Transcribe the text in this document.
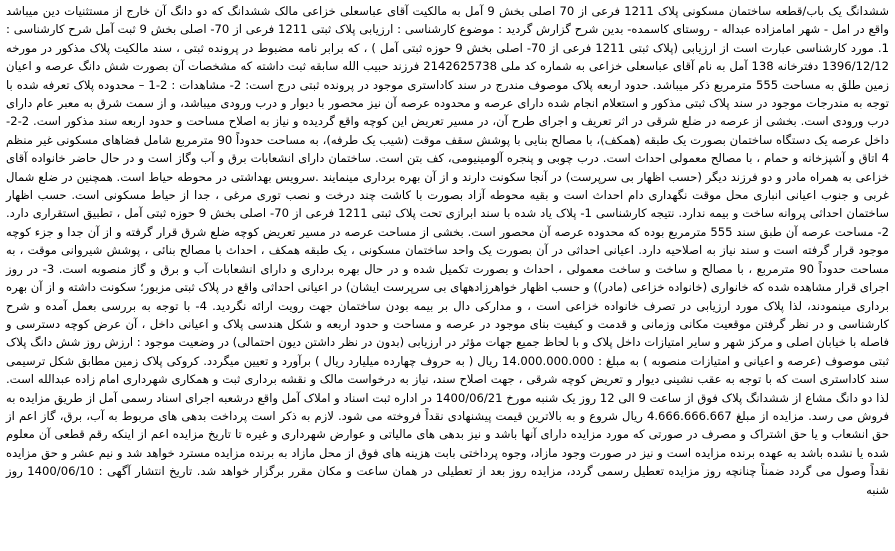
ششدانگ یک باب/قطعه ساختمان مسکونی پلاک 1211 فرعی از 70 اصلی بخش 9 آمل به مالکیت آقای عباسعلی خزاعی مالک ششدانگ که دو دانگ آن خارج از مستثنیات دین میباشد واقع در امل - شهر امامزاده عبداله - روستای کاسمده- بدین شرح گزارش گردید : موضوع کارشناسی : ارزیابی پلاک ثبتی 1211 فرعی از 70- اصلی بخش 9 ثبت آمل شرح کارشناسی : 1. مورد کارشناسی عبارت است از ارزیابی (پلاک ثبتی 1211 فرعی از 70- اصلی بخش 9 حوزه ثبتی آمل ) ، که برابر نامه مضبوط در پرونده ثبتی ، سند مالکیت پلاک مذکور در مورخه 1396/12/12 دفترخانه 138 آمل به نام آقای عباسعلی خزاعی به شماره کد ملی 2142625738 فرزند حبیب الله سابقه ثبت داشته که مشخصات آن بصورت شش دانگ عرصه و اعیان زمین طلق به مساحت 555 مترمربع ذکر میباشد. حدود اربعه پلاک موصوف مندرج در سند کاداستری موجود در پرونده ثبتی درج است: 2- مشاهدات : 2-1 – محدوده پلاک تعرفه شده با توجه به مندرجات موجود در سند پلاک ثبتی مذکور و استعلام انجام شده دارای عرصه و محدوده عرصه آن نیز محصور با دیوار و درب ورودی میباشد، و از سمت شرق به معبر عام دارای درب ورودی است. بخشی از عرصه در ضلع شرقی در اثر تعریف و اجرای طرح آن، در مسیر تعریض این کوچه واقع گردیده و نیاز به اصلاح مساحت و حدود اربعه سند مذکور است. 2-2- داخل عرصه یک دستگاه ساختمان بصورت یک طبقه (همکف)، با مصالح بنایی با پوشش سقف موقت (شیب یک طرفه)، به مساحت حدوداً 90 مترمربع شامل فضاهای مسکونی غیر منظم 4 اتاق و آشپزخانه و حمام ، با مصالح معمولی احداث است. درب چوبی و پنجره آلومینیومی، کف بتن است. ساختمان دارای انشعابات برق و آب وگاز است و در حال حاضر خانواده آقای خزاعی به همراه مادر و دو فرزند دیگر (حسب اظهار بی سرپرست) در آنجا سکونت دارند و از آن بهره برداری مینمایند .سرویس بهداشتی در محوطه حیاط است. همچنین در ضلع شمال غربی و جنوب اعیانی انباری محل موقت نگهداری دام احداث است و بقیه محوطه آزاد بصورت با کاشت چند درخت و نصب توری مرغی ، جدا از حیاط مسکونی است. حسب اظهار ساختمان احداثی پروانه ساخت و بیمه ندارد. نتیجه کارشناسی 1- پلاک یاد شده با سند ابرازی تحت پلاک ثبتی 1211 فرعی از 70- اصلی بخش 9 حوزه ثبتی آمل ، تطبیق استقراری دارد. 2- مساحت عرصه آن طبق سند 555 مترمربع بوده که محدوده عرصه آن محصور است. بخشی از مساحت عرصه در مسیر تعریض کوچه ضلع شرق قرار گرفته و از آن جدا و جزء کوچه موجود قرار گرفته است و سند نیاز به اصلاحیه دارد. اعیانی احداثی در آن بصورت یک واحد ساختمان مسکونی ، یک طبقه همکف ، احداث با مصالح بنائی ، پوشش شیروانی موقت ، به مساحت حدوداً 90 مترمربع ، با مصالح و ساخت و ساخت معمولی ، احداث و بصورت تکمیل شده و در حال بهره برداری و دارای انشعابات آب و برق و گاز منصوبه است. 3- در روز اجرای قرار مشاهده شده که خانواری (خانواده خزاعی (مادر)) و حسب اظهار خواهرزادههای بی سرپرست ایشان) در اعیانی احداثی واقع در پلاک ثبتی مزبور؛ سکونت داشته و از آن بهره برداری مینمودند، لذا پلاک مورد ارزیابی در تصرف خانواده خزاعی است ، و مدارکی دال بر بیمه بودن ساختمان جهت رویت ارائه نگردید. 4- با توجه به بررسی بعمل آمده و شرح کارشناسی و در نظر گرفتن موقعیت مکانی وزمانی و قدمت و کیفیت بنای موجود در عرصه و مساحت و حدود اربعه و شکل هندسی پلاک و اعیانی داخل ، آن عرض کوچه دسترسی و فاصله با خیابان اصلی و مرکز شهر و سایر امتیازات داخل پلاک و با لحاظ جمیع جهات مؤثر در ارزیابی (بدون در نظر داشتن دیون احتمالی) در وضعیت موجود : ارزش روز شش دانگ پلاک ثبتی موصوف (عرصه و اعیانی و امتیازات منصوبه ) به مبلغ : 14.000.000.000 ریال ( به حروف چهارده میلیارد ریال ) برآورد و تعیین میگردد. کروکی پلاک زمین مطابق شکل ترسیمی سند کاداستری است که با توجه به عقب نشینی دیوار و تعریض کوچه شرقی ، جهت اصلاح سند، نیاز به درخواست مالک و نقشه برداری ثبت و همکاری شهرداری امام زاده عبدالله است. لذا دو دانگ مشاع از ششدانگ پلاک فوق از ساعت 9 الی 12 روز یک شنبه مورخ 1400/06/21 در اداره ثبت اسناد و املاک آمل واقع درشعبه اجرای اسناد رسمی آمل از طریق مزایده به فروش می رسد. مزایده از مبلغ 4.666.666.667 ریال شروع و به بالاترین قیمت پیشنهادی نقداً فروخته می شود. لازم به ذکر است پرداخت بدهی های مربوط به آب، برق، گاز اعم از حق انشعاب و یا حق اشتراک و مصرف در صورتی که مورد مزایده دارای آنها باشد و نیز بدهی های مالیاتی و عوارض شهرداری و غیره تا تاریخ مزایده اعم از اینکه رقم قطعی آن معلوم شده یا نشده باشد به عهده برنده مزایده است و نیز در صورت وجود مازاد، وجوه پرداختی بابت هزینه های فوق از محل مازاد به برنده مزایده مسترد خواهد شد و نیم عشر و حق مزایده نقداً وصول می گردد ضمناً چنانچه روز مزایده تعطیل رسمی گردد، مزایده روز بعد از تعطیلی در همان ساعت و مکان مقرر برگزار خواهد شد. تاریخ انتشار آگهی : 1400/06/10 روز شنبه
